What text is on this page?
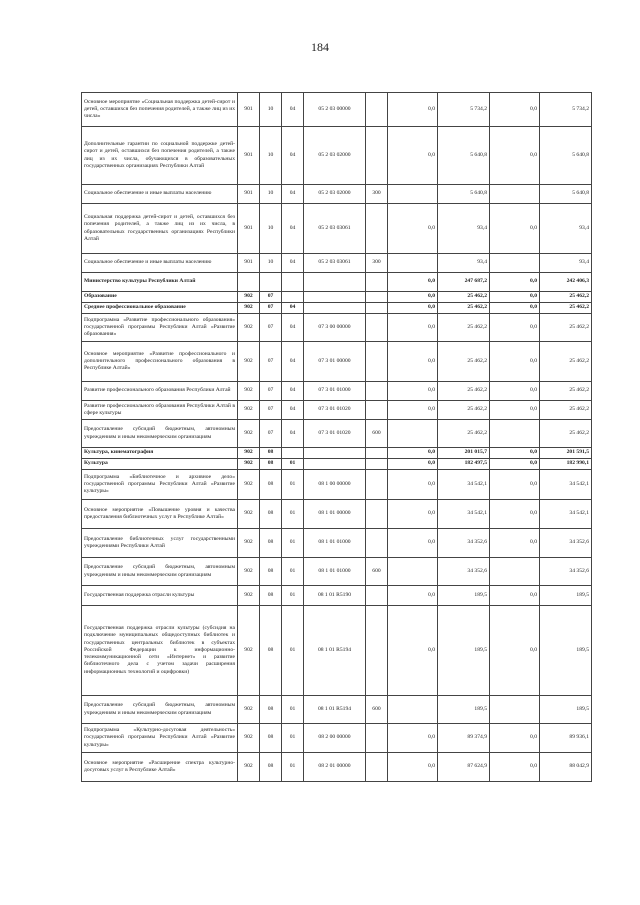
184
Основное мероприятие «Социальная поддержка детей-сирот и детей, оставшихся без попечения родителей, а также лиц из их числа»	901	10	04	05 2 03 00000		0,0	5 734,2	0,0	5 734,2
Дополнительные гарантии по социальной поддержке детей-сирот и детей, оставшихся без попечения родителей, а также лиц из их числа, обучающихся в образовательных государственных организациях Республики Алтай	901	10	04	05 2 03 02000		0,0	5 640,8	0,0	5 640,8
Социальное обеспечение и иные выплаты населению	901	10	04	05 2 03 02000	300		5 640,8		5 640,8
Социальная поддержка детей-сирот и детей, оставшихся без попечения родителей, а также лиц из их числа, в образовательных государственных организациях Республики Алтай	901	10	04	05 2 03 03061		0,0	93,4	0,0	93,4
Социальное обеспечение и иные выплаты населению	901	10	04	05 2 03 03061	300		93,4		93,4
Министерство культуры Республики Алтай						0,0	247 687,2	0,0	242 406,3
Образование	902	07				0,0	25 462,2	0,0	25 462,2
Среднее профессиональное образование	902	07	04			0,0	25 462,2	0,0	25 462,2
Подпрограмма «Развитие профессионального образования» государственной программы Республики Алтай «Развитие образования»	902	07	04	07 3 00 00000		0,0	25 462,2	0,0	25 462,2
Основное мероприятие «Развитие профессионального и дополнительного профессионального образования в Республике Алтай»	902	07	04	07 3 01 00000		0,0	25 462,2	0,0	25 462,2
Развитие профессионального образования Республики Алтай	902	07	04	07 3 01 01000		0,0	25 462,2	0,0	25 462,2
Развитие профессионального образования Республики Алтай в сфере культуры	902	07	04	07 3 01 01020		0,0	25 462,2	0,0	25 462,2
Предоставление субсидий бюджетным, автономным учреждениям и иным некоммерческим организациям	902	07	04	07 3 01 01020	600		25 462,2		25 462,2
Культура, кинематография	902	08				0,0	201 015,7	0,0	201 591,5
Культура	902	08	01			0,0	182 497,5	0,0	182 990,1
Подпрограмма «Библиотечное и архивное дело» государственной программы Республики Алтай «Развитие культуры»	902	08	01	08 1 00 00000		0,0	34 542,1	0,0	34 542,1
Основное мероприятие «Повышение уровня и качества предоставления библиотечных услуг в Республике Алтай»	902	08	01	08 1 01 00000		0,0	34 542,1	0,0	34 542,1
Предоставление библиотечных услуг государственными учреждениями Республики Алтай	902	08	01	08 1 01 01000		0,0	34 352,6	0,0	34 352,6
Предоставление субсидий бюджетным, автономным учреждениям и иным некоммерческим организациям	902	08	01	08 1 01 01000	600		34 352,6		34 352,6
Государственная поддержка отрасли культуры	902	08	01	08 1 01 R5190		0,0	189,5	0,0	189,5
Государственная поддержка отрасли культуры (субсидия на подключение муниципальных общедоступных библиотек и государственных центральных библиотек в субъектах Российской Федерации к информационно-телекоммуникационной сети «Интернет» и развитие библиотечного дела с учетом задачи расширения информационных технологий и оцифровки)	902	08	01	08 1 01 R5194		0,0	189,5	0,0	189,5
Предоставление субсидий бюджетным, автономным учреждениям и иным некоммерческим организациям	902	08	01	08 1 01 R5194	600		189,5		189,5
Подпрограмма «Культурно-досуговая деятельность» государственной программы Республики Алтай «Развитие культуры»	902	08	01	08 2 00 00000		0,0	89 374,9	0,0	89 936,1
Основное мероприятие «Расширение спектра культурно-досуговых услуг в Республике Алтай»	902	08	01	08 2 01 00000		0,0	87 624,9	0,0	88 042,9
